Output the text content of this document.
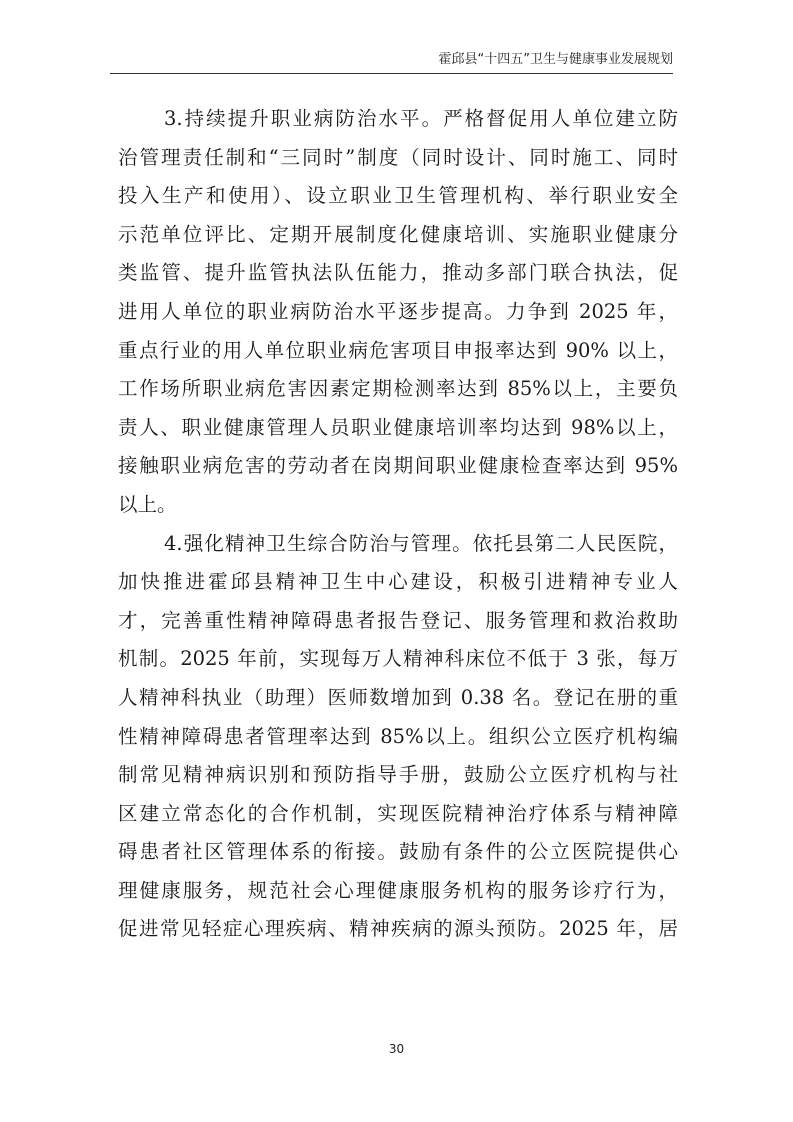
霍邱县“十四五”卫生与健康事业发展规划
3.持续提升职业病防治水平。严格督促用人单位建立防
治管理责任制和“三同时”制度（同时设计、同时施工、同时
投入生产和使用）、设立职业卫生管理机构、举行职业安全
示范单位评比、定期开展制度化健康培训、实施职业健康分
类监管、提升监管执法队伍能力，推动多部门联合执法，促
进用人单位的职业病防治水平逐步提高。力争到 2025 年，
重点行业的用人单位职业病危害项目申报率达到 90% 以上，
工作场所职业病危害因素定期检测率达到 85%以上，主要负
责人、职业健康管理人员职业健康培训率均达到 98%以上，
接触职业病危害的劳动者在岗期间职业健康检查率达到 95%
以上。
4.强化精神卫生综合防治与管理。依托县第二人民医院，
加快推进霍邱县精神卫生中心建设，积极引进精神专业人
才，完善重性精神障碍患者报告登记、服务管理和救治救助
机制。2025 年前，实现每万人精神科床位不低于 3 张，每万
人精神科执业（助理）医师数增加到 0.38 名。登记在册的重
性精神障碍患者管理率达到 85%以上。组织公立医疗机构编
制常见精神病识别和预防指导手册，鼓励公立医疗机构与社
区建立常态化的合作机制，实现医院精神治疗体系与精神障
碍患者社区管理体系的衔接。鼓励有条件的公立医院提供心
理健康服务，规范社会心理健康服务机构的服务诊疗行为，
促进常见轻症心理疾病、精神疾病的源头预防。2025 年，居
30
